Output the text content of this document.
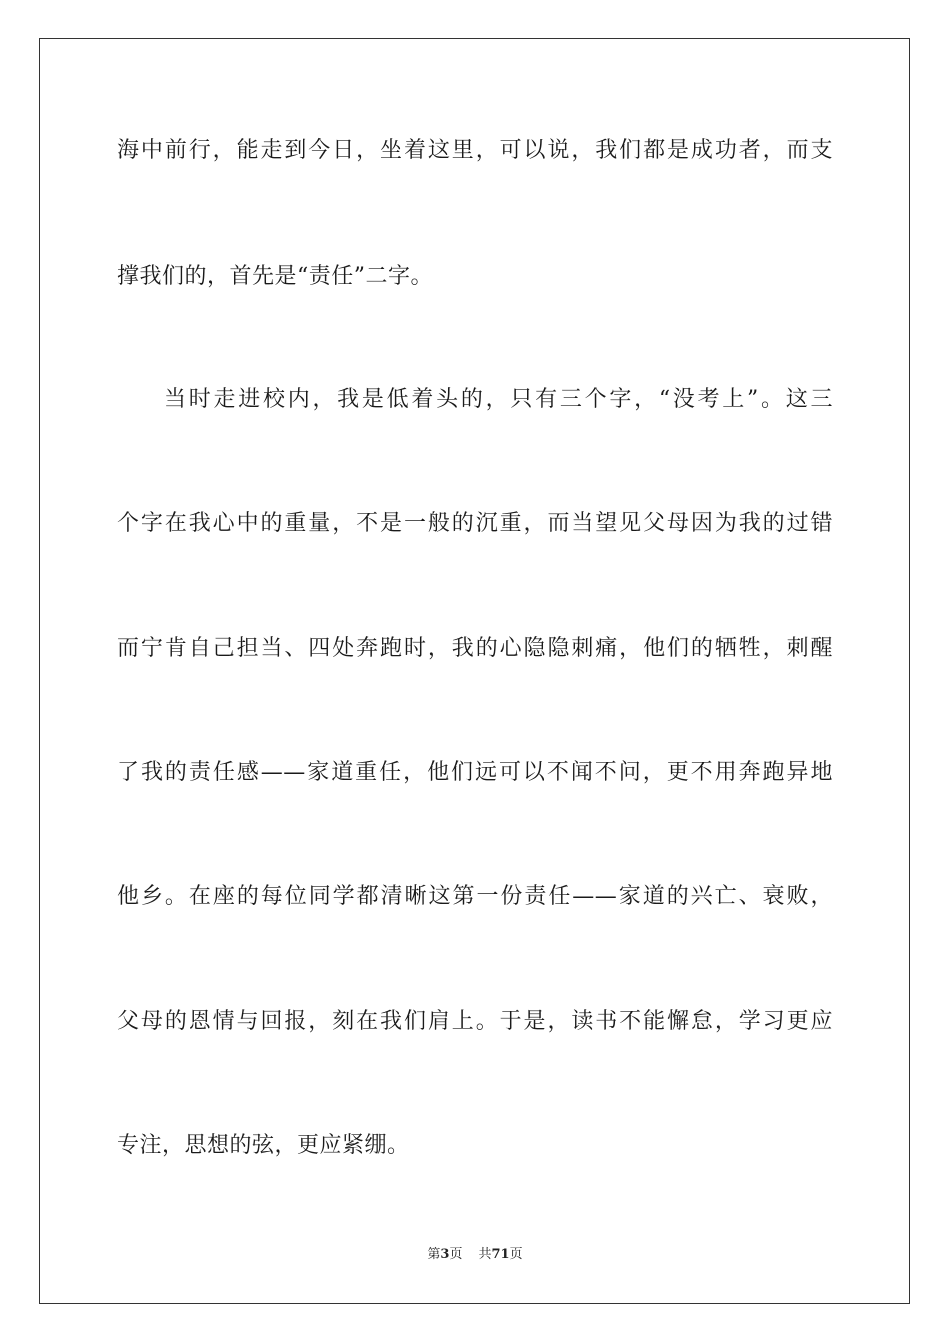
海中前行，能走到今日，坐着这里，可以说，我们都是成功者，而支
撑我们的，首先是“责任”二字。
当时走进校内，我是低着头的，只有三个字，“没考上”。这三
个字在我心中的重量，不是一般的沉重，而当望见父母因为我的过错
而宁肯自己担当、四处奔跑时，我的心隐隐刺痛，他们的牺牲，刺醒
了我的责任感——家道重任，他们远可以不闻不问，更不用奔跑异地
他乡。在座的每位同学都清晰这第一份责任——家道的兴亡、衰败，
父母的恩情与回报，刻在我们肩上。于是，读书不能懈怠，学习更应
专注，思想的弦，更应紧绷。
第3页 共71页
